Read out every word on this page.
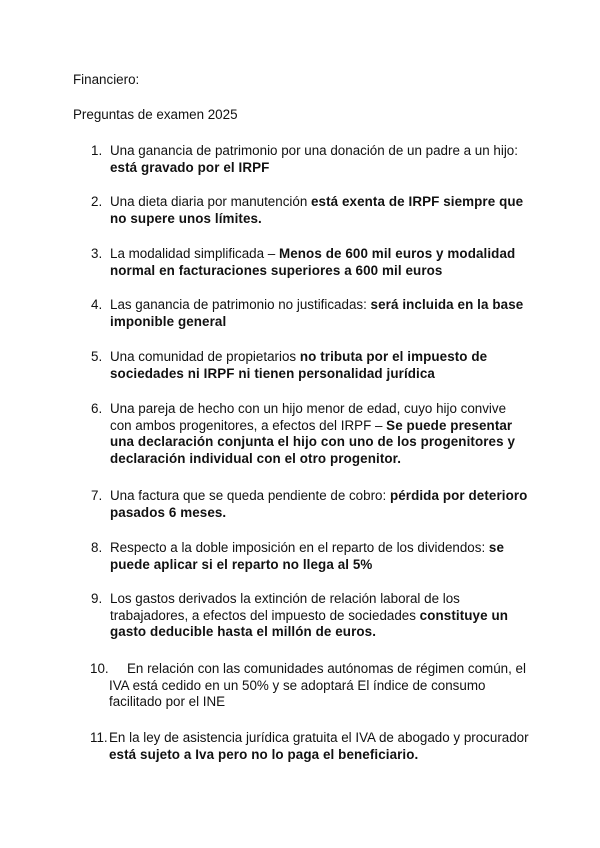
Financiero:

Preguntas de examen 2025

1. Una ganancia de patrimonio por una donación de un padre a un hijo: está gravado por el IRPF
2. Una dieta diaria por manutención está exenta de IRPF siempre que no supere unos límites.
3. La modalidad simplificada – Menos de 600 mil euros y modalidad normal en facturaciones superiores a 600 mil euros
4. Las ganancia de patrimonio no justificadas: será incluida en la base imponible general
5. Una comunidad de propietarios no tributa por el impuesto de sociedades ni IRPF ni tienen personalidad jurídica
6. Una pareja de hecho con un hijo menor de edad, cuyo hijo convive con ambos progenitores, a efectos del IRPF – Se puede presentar una declaración conjunta el hijo con uno de los progenitores y declaración individual con el otro progenitor.
7. Una factura que se queda pendiente de cobro: pérdida por deterioro pasados 6 meses.
8. Respecto a la doble imposición en el reparto de los dividendos: se puede aplicar si el reparto no llega al 5%
9. Los gastos derivados la extinción de relación laboral de los trabajadores, a efectos del impuesto de sociedades constituye un gasto deducible hasta el millón de euros.
10.	En relación con las comunidades autónomas de régimen común, el IVA está cedido en un 50% y se adoptará El índice de consumo facilitado por el INE
11. En la ley de asistencia jurídica gratuita el IVA de abogado y procurador está sujeto a Iva pero no lo paga el beneficiario.
